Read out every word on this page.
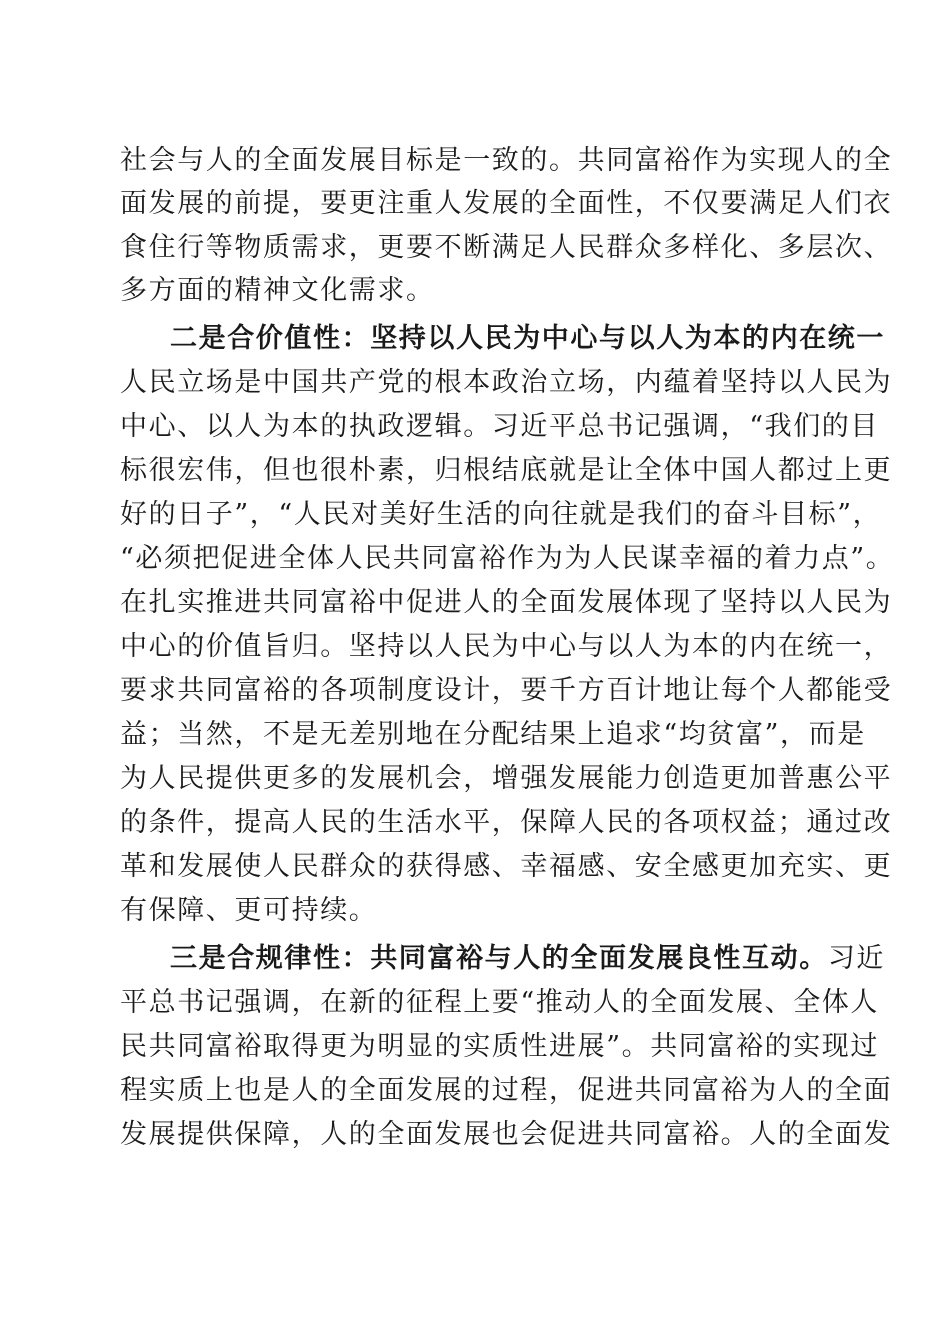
社会与人的全面发展目标是一致的。共同富裕作为实现人的全
面发展的前提，要更注重人发展的全面性，不仅要满足人们衣
食住行等物质需求，更要不断满足人民群众多样化、多层次、
多方面的精神文化需求。
二是合价值性：坚持以人民为中心与以人为本的内在统一
人民立场是中国共产党的根本政治立场，内蕴着坚持以人民为
中心、以人为本的执政逻辑。习近平总书记强调，“我们的目
标很宏伟，但也很朴素，归根结底就是让全体中国人都过上更
好的日子”，“人民对美好生活的向往就是我们的奋斗目标”，
“必须把促进全体人民共同富裕作为为人民谋幸福的着力点”。
在扎实推进共同富裕中促进人的全面发展体现了坚持以人民为
中心的价值旨归。坚持以人民为中心与以人为本的内在统一，
要求共同富裕的各项制度设计，要千方百计地让每个人都能受
益；当然，不是无差别地在分配结果上追求“均贫富”，而是
为人民提供更多的发展机会，增强发展能力创造更加普惠公平
的条件，提高人民的生活水平，保障人民的各项权益；通过改
革和发展使人民群众的获得感、幸福感、安全感更加充实、更
有保障、更可持续。
三是合规律性：共同富裕与人的全面发展良性互动。习近
平总书记强调，在新的征程上要“推动人的全面发展、全体人
民共同富裕取得更为明显的实质性进展”。共同富裕的实现过
程实质上也是人的全面发展的过程，促进共同富裕为人的全面
发展提供保障，人的全面发展也会促进共同富裕。人的全面发
